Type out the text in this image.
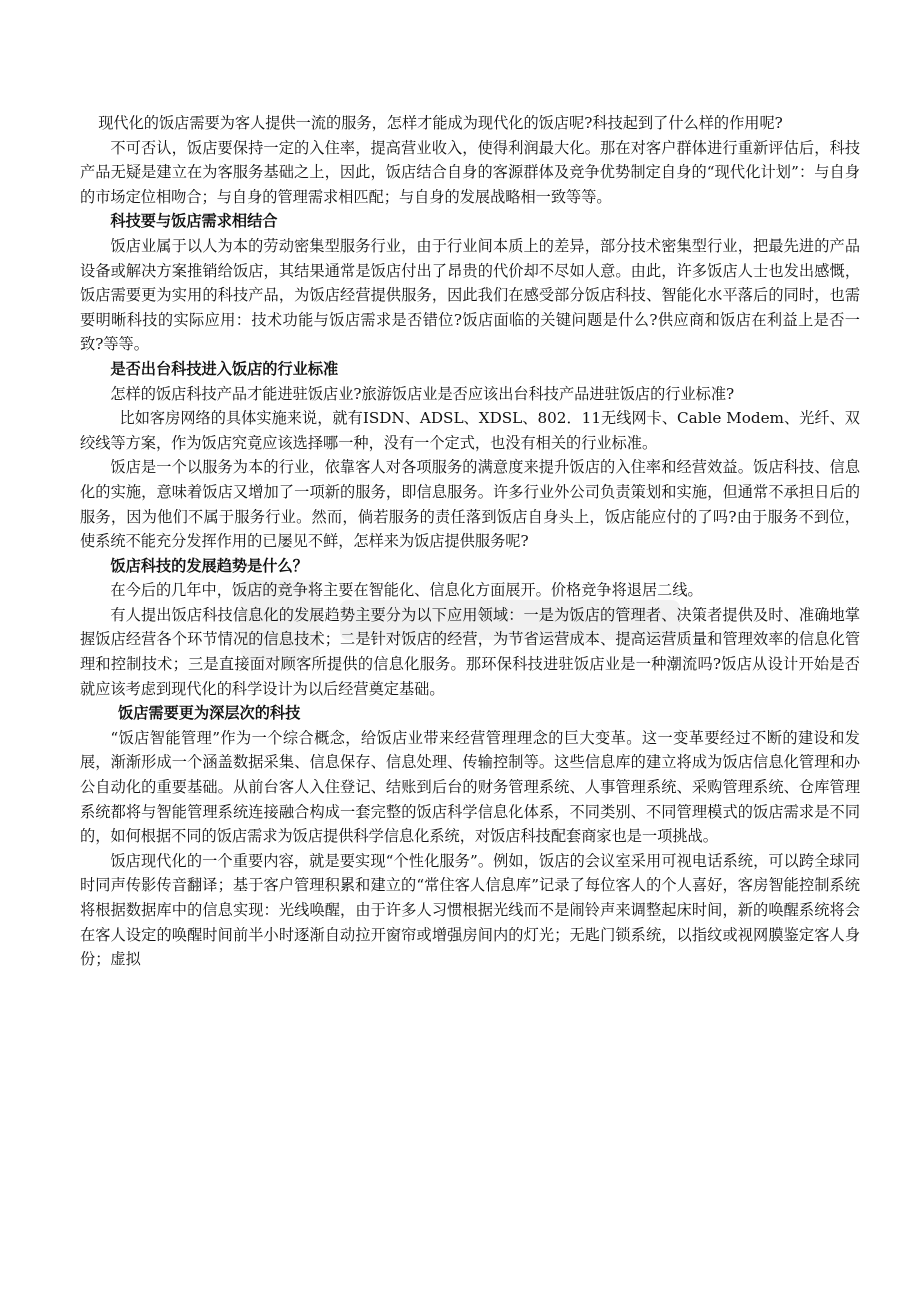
现代化的饭店需要为客人提供一流的服务，怎样才能成为现代化的饭店呢?科技起到了什么样的作用呢?

不可否认，饭店要保持一定的入住率，提高营业收入，使得利润最大化。那在对客户群体进行重新评估后，科技产品无疑是建立在为客服务基础之上，因此，饭店结合自身的客源群体及竞争优势制定自身的“现代化计划”：与自身的市场定位相吻合；与自身的管理需求相匹配；与自身的发展战略相一致等等。

科技要与饭店需求相结合

饭店业属于以人为本的劳动密集型服务行业，由于行业间本质上的差异，部分技术密集型行业，把最先进的产品设备或解决方案推销给饭店，其结果通常是饭店付出了昂贵的代价却不尽如人意。由此，许多饭店人士也发出感慨，饭店需要更为实用的科技产品，为饭店经营提供服务，因此我们在感受部分饭店科技、智能化水平落后的同时，也需要明晰科技的实际应用：技术功能与饭店需求是否错位?饭店面临的关键问题是什么?供应商和饭店在利益上是否一致?等等。

是否出台科技进入饭店的行业标准

怎样的饭店科技产品才能进驻饭店业?旅游饭店业是否应该出台科技产品进驻饭店的行业标准?

比如客房网络的具体实施来说，就有ISDN、ADSL、XDSL、802．11无线网卡、Cable Modem、光纤、双绞线等方案，作为饭店究竟应该选择哪一种，没有一个定式，也没有相关的行业标准。

饭店是一个以服务为本的行业，依靠客人对各项服务的满意度来提升饭店的入住率和经营效益。饭店科技、信息化的实施，意味着饭店又增加了一项新的服务，即信息服务。许多行业外公司负责策划和实施，但通常不承担日后的服务，因为他们不属于服务行业。然而，倘若服务的责任落到饭店自身头上，饭店能应付的了吗?由于服务不到位，使系统不能充分发挥作用的已屡见不鲜，怎样来为饭店提供服务呢?

饭店科技的发展趋势是什么？

在今后的几年中，饭店的竞争将主要在智能化、信息化方面展开。价格竞争将退居二线。

有人提出饭店科技信息化的发展趋势主要分为以下应用领域：一是为饭店的管理者、决策者提供及时、准确地掌握饭店经营各个环节情况的信息技术；二是针对饭店的经营，为节省运营成本、提高运营质量和管理效率的信息化管理和控制技术；三是直接面对顾客所提供的信息化服务。那环保科技进驻饭店业是一种潮流吗?饭店从设计开始是否就应该考虑到现代化的科学设计为以后经营奠定基础。

饭店需要更为深层次的科技

“饭店智能管理”作为一个综合概念，给饭店业带来经营管理理念的巨大变革。这一变革要经过不断的建设和发展，渐渐形成一个涵盖数据采集、信息保存、信息处理、传输控制等。这些信息库的建立将成为饭店信息化管理和办公自动化的重要基础。从前台客人入住登记、结账到后台的财务管理系统、人事管理系统、采购管理系统、仓库管理系统都将与智能管理系统连接融合构成一套完整的饭店科学信息化体系，不同类别、不同管理模式的饭店需求是不同的，如何根据不同的饭店需求为饭店提供科学信息化系统，对饭店科技配套商家也是一项挑战。

饭店现代化的一个重要内容，就是要实现“个性化服务”。例如，饭店的会议室采用可视电话系统，可以跨全球同时同声传影传音翻译；基于客户管理积累和建立的“常住客人信息库”记录了每位客人的个人喜好，客房智能控制系统将根据数据库中的信息实现：光线唤醒，由于许多人习惯根据光线而不是闹铃声来调整起床时间，新的唤醒系统将会在客人设定的唤醒时间前半小时逐渐自动拉开窗帘或增强房间内的灯光；无匙门锁系统，以指纹或视网膜鉴定客人身份；虚拟
